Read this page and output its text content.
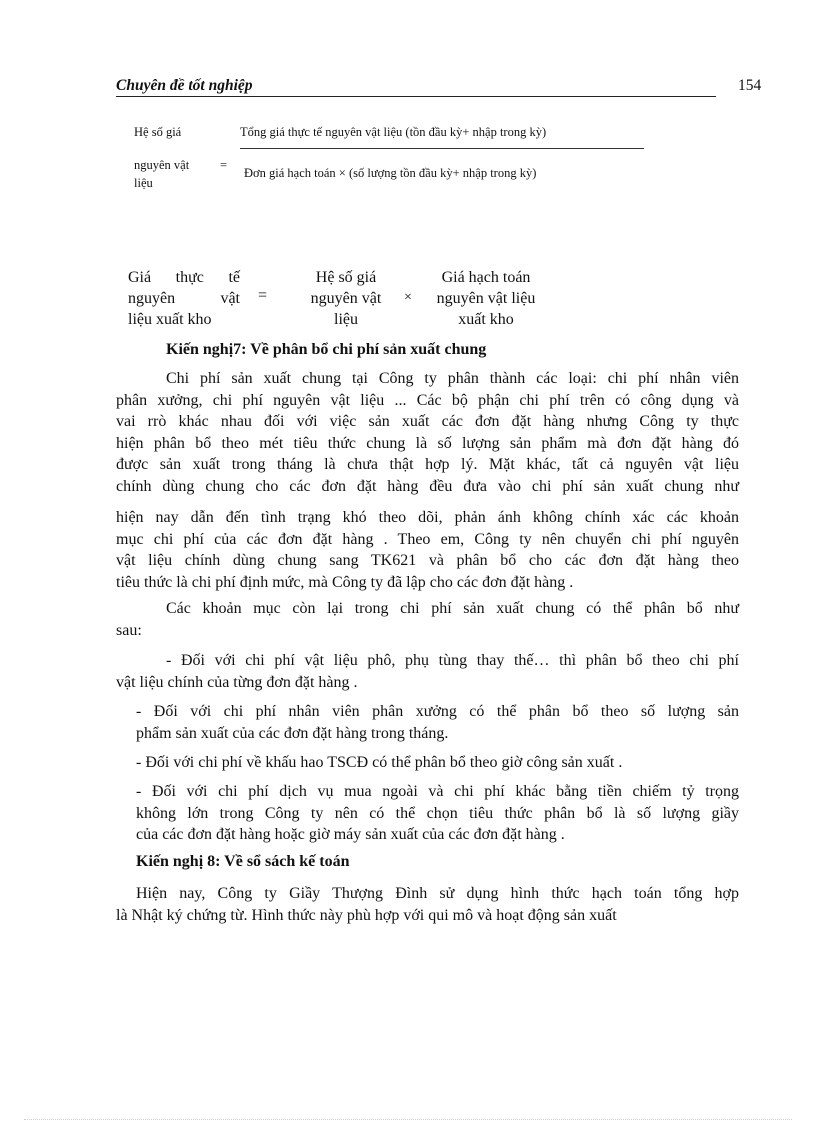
Chuyên đề tốt nghiệp	154
Hệ số giá
nguyên vật
liệu
=
Tổng giá thực tế nguyên vật liệu (tồn đầu kỳ+ nhập trong kỳ)
Đơn giá hạch toán × (số lượng tồn đầu kỳ+ nhập trong kỳ)
Giá thực tế
nguyên vật
liệu xuất kho
=
Hệ số giá
nguyên vật
liệu
×
Giá hạch toán
nguyên vật liệu
xuất kho
Kiến nghị7: Về phân bổ chi phí sản xuất chung
Chi phí sản xuất chung tại Công ty phân thành các loại: chi phí nhân viên
phân xưởng, chi phí nguyên vật liệu ... Các bộ phận chi phí trên có công dụng và
vai rrò khác nhau đối với việc sản xuất các đơn đặt hàng nhưng Công ty thực
hiện phân bổ theo mét tiêu thức chung là số lượng sản phẩm mà đơn đặt hàng đó
được sản xuất trong tháng là chưa thật hợp lý. Mặt khác, tất cả nguyên vật liệu
chính dùng chung cho các đơn đặt hàng đều đưa vào chi phí sản xuất chung như
hiện nay dẫn đến tình trạng khó theo dõi, phản ánh không chính xác các khoản
mục chi phí của các đơn đặt hàng . Theo em, Công ty nên chuyển chi phí nguyên
vật liệu chính dùng chung sang TK621 và phân bổ cho các đơn đặt hàng theo
tiêu thức là chi phí định mức, mà Công ty đã lập cho các đơn đặt hàng .
Các khoản mục còn lại trong chi phí sản xuất chung có thể phân bổ như
sau:
- Đối với chi phí vật liệu phô, phụ tùng thay thế… thì phân bổ theo chi phí
vật liệu chính của từng đơn đặt hàng .
- Đối với chi phí nhân viên phân xưởng có thể phân bổ theo số lượng sản
phẩm sản xuất của các đơn đặt hàng trong tháng.
- Đối với chi phí về khấu hao TSCĐ có thể phân bổ theo giờ công sản xuất .
- Đối với chi phí dịch vụ mua ngoài và chi phí khác bằng tiền chiếm tỷ trọng
không lớn trong Công ty nên có thể chọn tiêu thức phân bổ là số lượng giầy
của các đơn đặt hàng hoặc giờ máy sản xuất của các đơn đặt hàng .
Kiến nghị 8: Về sổ sách kế toán
Hiện nay, Công ty Giầy Thượng Đình sử dụng hình thức hạch toán tổng hợp
là Nhật ký chứng từ. Hình thức này phù hợp với qui mô và hoạt động sản xuất
